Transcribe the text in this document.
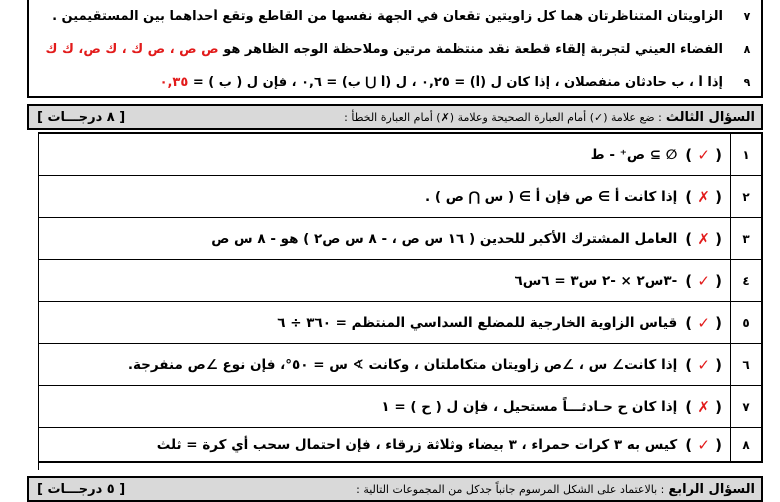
٧
الزاويتان المتناظرتان هما كل زاويتين تقعان في الجهة نفسها من القاطع وتقع أحداهما بين المستقيمين .
٨
الفضاء العيني لتجربة إلقاء قطعة نقد منتظمة مرتين وملاحظة الوجه الظاهر هو ص ص ، ص ك ، ك ص، ك ك
٩
إذا أ ، ب حادثان منفصلان ، إذا كان ل (أ) = ٠,٢٥ ، ل (أ ⋃ ب) = ٠,٦ ، فإن ل ( ب ) = ٠,٣٥
السؤال الثالث
: ضع علامة (✓) أمام العبارة الصحيحة وعلامة (✗) أمام العبارة الخطأ :
[ ٨ درجـــات ]
١
( ✓ )
∅ ⊇ ص⁺ - ط
٢
( ✗ )
إذا كانت أ ∋ ص فإن أ ∋ ( س ⋂ ص ) .
٣
( ✗ )
العامل المشترك الأكبر للحدين ( ١٦ س ص ، - ٨ س ص٢ ) هو - ٨ س ص
٤
( ✓ )
-٣س٢ × -٢ س٣ = ٦س٦
٥
( ✓ )
قياس الزاوية الخارجية للمضلع السداسي المنتظم = ٣٦٠ ÷ ٦
٦
( ✓ )
إذا كانت∠ س ، ∠ص زاويتان متكاملتان ، وكانت ∢ س = ٥٠°، فإن نوع ∠ص منفرجة.
٧
( ✗ )
إذا كان ح حـادثـــاً مستحيل ، فإن ل ( ح ) = ١
٨
( ✓ )
كيس به ٣ كرات حمراء ، ٣ بيضاء وثلاثة زرقاء ، فإن احتمال سحب أي كرة = ثلث
السؤال الرابع
: بالاعتماد على الشكل المرسوم جانباً جدكل من المجموعات التالية :
[ ٥ درجـــات ]
